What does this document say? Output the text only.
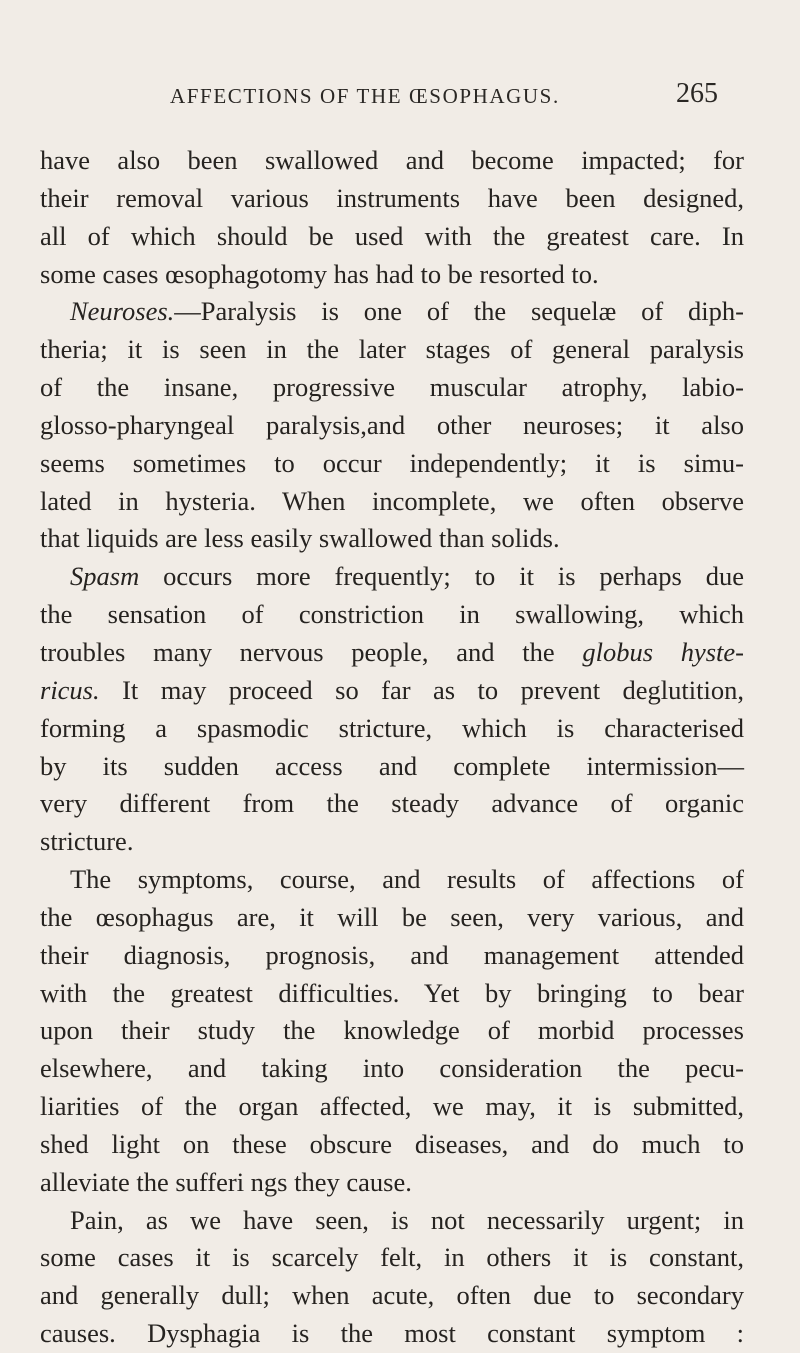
AFFECTIONS OF THE ŒSOPHAGUS.	265
have also been swallowed and become impacted; for
their removal various instruments have been designed,
all of which should be used with the greatest care. In
some cases œsophagotomy has had to be resorted to.
Neuroses.—Paralysis is one of the sequelæ of diph-
theria; it is seen in the later stages of general paralysis
of the insane, progressive muscular atrophy, labio-
glosso-pharyngeal paralysis,and other neuroses; it also
seems sometimes to occur independently; it is simu-
lated in hysteria. When incomplete, we often observe
that liquids are less easily swallowed than solids.
Spasm occurs more frequently; to it is perhaps due
the sensation of constriction in swallowing, which
troubles many nervous people, and the globus hyste-
ricus. It may proceed so far as to prevent deglutition,
forming a spasmodic stricture, which is characterised
by its sudden access and complete intermission—
very different from the steady advance of organic
stricture.
The symptoms, course, and results of affections of
the œsophagus are, it will be seen, very various, and
their diagnosis, prognosis, and management attended
with the greatest difficulties. Yet by bringing to bear
upon their study the knowledge of morbid processes
elsewhere, and taking into consideration the pecu-
liarities of the organ affected, we may, it is submitted,
shed light on these obscure diseases, and do much to
alleviate the sufferi ngs they cause.
Pain, as we have seen, is not necessarily urgent; in
some cases it is scarcely felt, in others it is constant,
and generally dull; when acute, often due to secondary
causes. Dysphagia is the most constant symptom :
